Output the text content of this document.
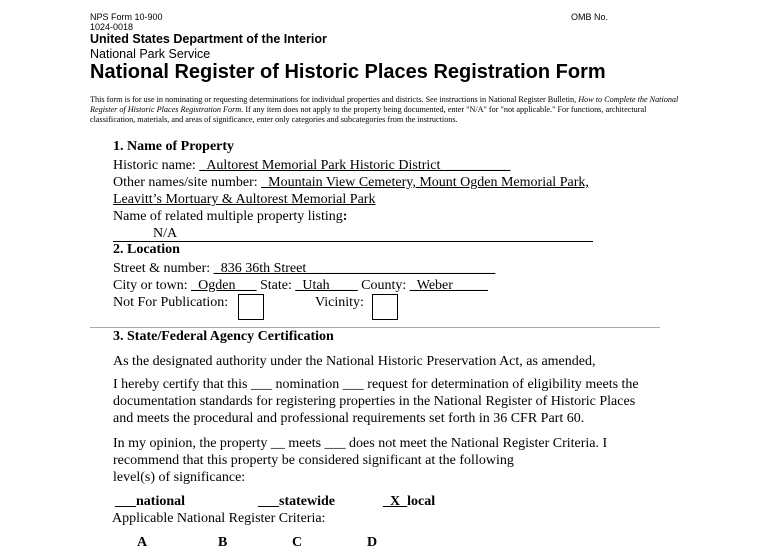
NPS Form 10-900
1024-0018
OMB No.
United States Department of the Interior
National Park Service
National Register of Historic Places Registration Form
This form is for use in nominating or requesting determinations for individual properties and districts. See instructions in National Register Bulletin, How to Complete the National Register of Historic Places Registration Form. If any item does not apply to the property being documented, enter "N/A" for "not applicable." For functions, architectural classification, materials, and areas of significance, enter only categories and subcategories from the instructions.
1. Name of Property
Historic name: _Aultorest Memorial Park Historic District__________
Other names/site number: _Mountain View Cemetery, Mount Ogden Memorial Park,
Leavitt’s Mortuary & Aultorest Memorial Park
Name of related multiple property listing:
N/A
2. Location
Street & number: _836 36th Street___________________________
City or town: _Ogden___ State: _Utah____ County: _Weber_____
Not For Publication:	Vicinity:
3. State/Federal Agency Certification
As the designated authority under the National Historic Preservation Act, as amended,
I hereby certify that this ___ nomination ___ request for determination of eligibility meets the
documentation standards for registering properties in the National Register of Historic Places
and meets the procedural and professional requirements set forth in 36 CFR Part 60.
In my opinion, the property __ meets ___ does not meet the National Register Criteria. I
recommend that this property be considered significant at the following
level(s) of significance:
___national	___statewide	_X_local
Applicable National Register Criteria:
A	B	C	D
